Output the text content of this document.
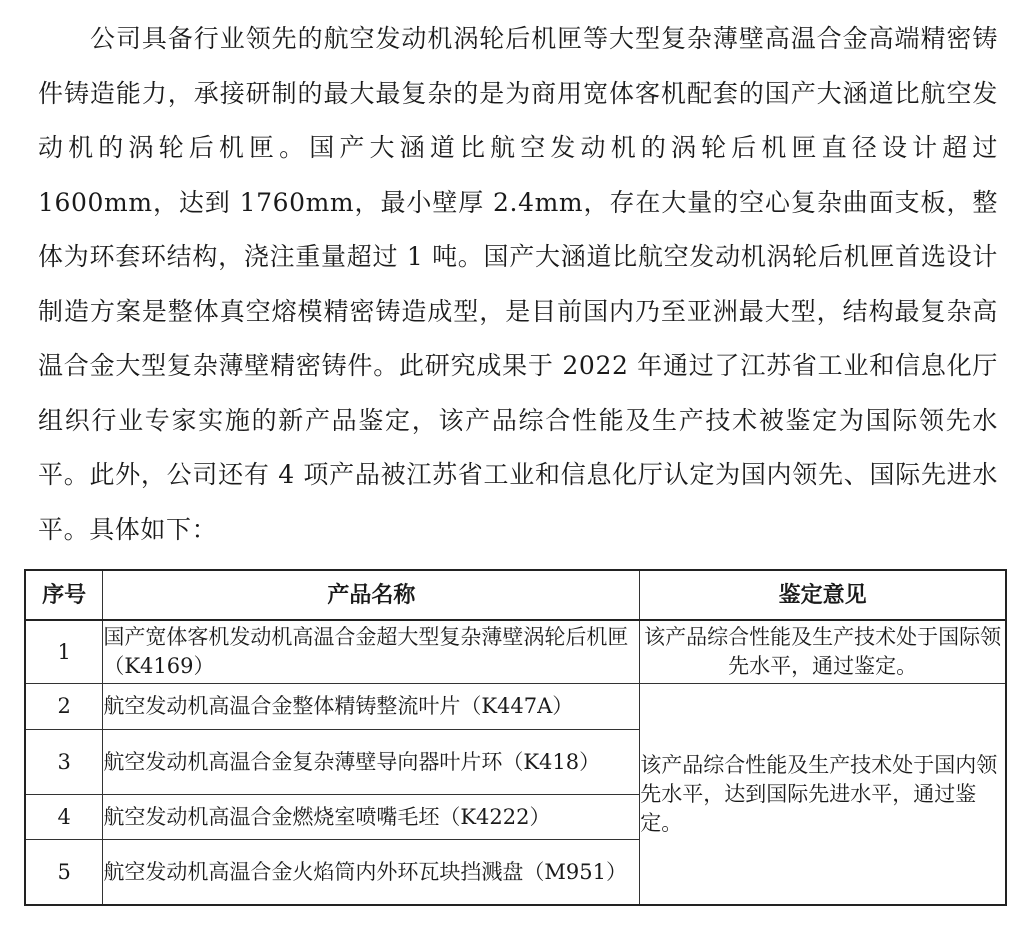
公司具备行业领先的航空发动机涡轮后机匣等大型复杂薄壁高温合金高端精密铸件铸造能力，承接研制的最大最复杂的是为商用宽体客机配套的国产大涵道比航空发动机的涡轮后机匣。国产大涵道比航空发动机的涡轮后机匣直径设计超过 1600mm，达到 1760mm，最小壁厚 2.4mm，存在大量的空心复杂曲面支板，整体为环套环结构，浇注重量超过 1 吨。国产大涵道比航空发动机涡轮后机匣首选设计制造方案是整体真空熔模精密铸造成型，是目前国内乃至亚洲最大型，结构最复杂高温合金大型复杂薄壁精密铸件。此研究成果于 2022 年通过了江苏省工业和信息化厅组织行业专家实施的新产品鉴定，该产品综合性能及生产技术被鉴定为国际领先水平。此外，公司还有 4 项产品被江苏省工业和信息化厅认定为国内领先、国际先进水平。具体如下：

序号	产品名称	鉴定意见
1	国产宽体客机发动机高温合金超大型复杂薄壁涡轮后机匣（K4169）	该产品综合性能及生产技术处于国际领先水平，通过鉴定。
2	航空发动机高温合金整体精铸整流叶片（K447A）	该产品综合性能及生产技术处于国内领先水平，达到国际先进水平，通过鉴定。
3	航空发动机高温合金复杂薄壁导向器叶片环（K418）	
4	航空发动机高温合金燃烧室喷嘴毛坯（K4222）	
5	航空发动机高温合金火焰筒内外环瓦块挡溅盘（M951）	
